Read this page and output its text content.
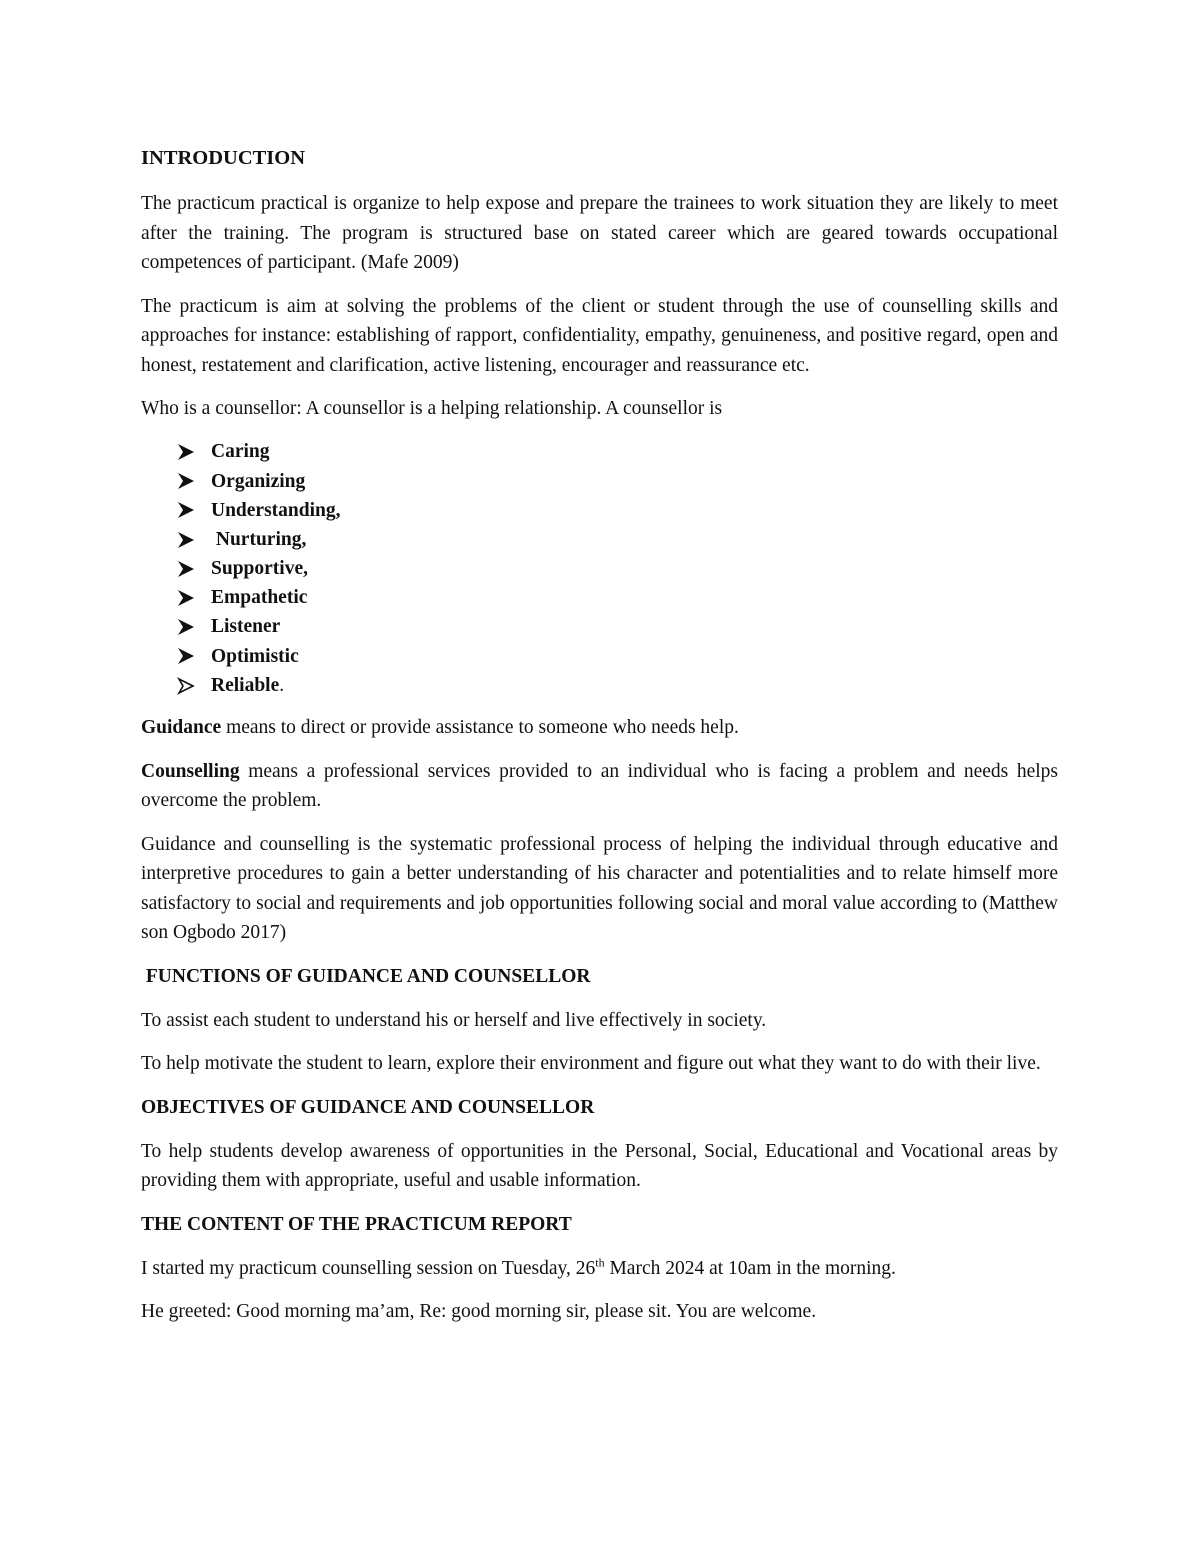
INTRODUCTION

The practicum practical is organize to help expose and prepare the trainees to work situation they are likely to meet after the training. The program is structured base on stated career which are geared towards occupational competences of participant. (Mafe 2009)

The practicum is aim at solving the problems of the client or student through the use of counselling skills and approaches for instance: establishing of rapport, confidentiality, empathy, genuineness, and positive regard, open and honest, restatement and clarification, active listening, encourager and reassurance etc.

Who is a counsellor: A counsellor is a helping relationship. A counsellor is

Caring
Organizing
Understanding,
Nurturing,
Supportive,
Empathetic
Listener
Optimistic
Reliable .

Guidance means to direct or provide assistance to someone who needs help.

Counselling means a professional services provided to an individual who is facing a problem and needs helps overcome the problem.

Guidance and counselling is the systematic professional process of helping the individual through educative and interpretive procedures to gain a better understanding of his character and potentialities and to relate himself more satisfactory to social and requirements and job opportunities following social and moral value according to (Matthew son Ogbodo 2017)

FUNCTIONS OF GUIDANCE AND COUNSELLOR

To assist each student to understand his or herself and live effectively in society.

To help motivate the student to learn, explore their environment and figure out what they want to do with their live.

OBJECTIVES OF GUIDANCE AND COUNSELLOR

To help students develop awareness of opportunities in the Personal, Social, Educational and Vocational areas by providing them with appropriate, useful and usable information.

THE CONTENT OF THE PRACTICUM REPORT

I started my practicum counselling session on Tuesday, 26th March 2024 at 10am in the morning.

He greeted: Good morning ma’am, Re: good morning sir, please sit. You are welcome.
